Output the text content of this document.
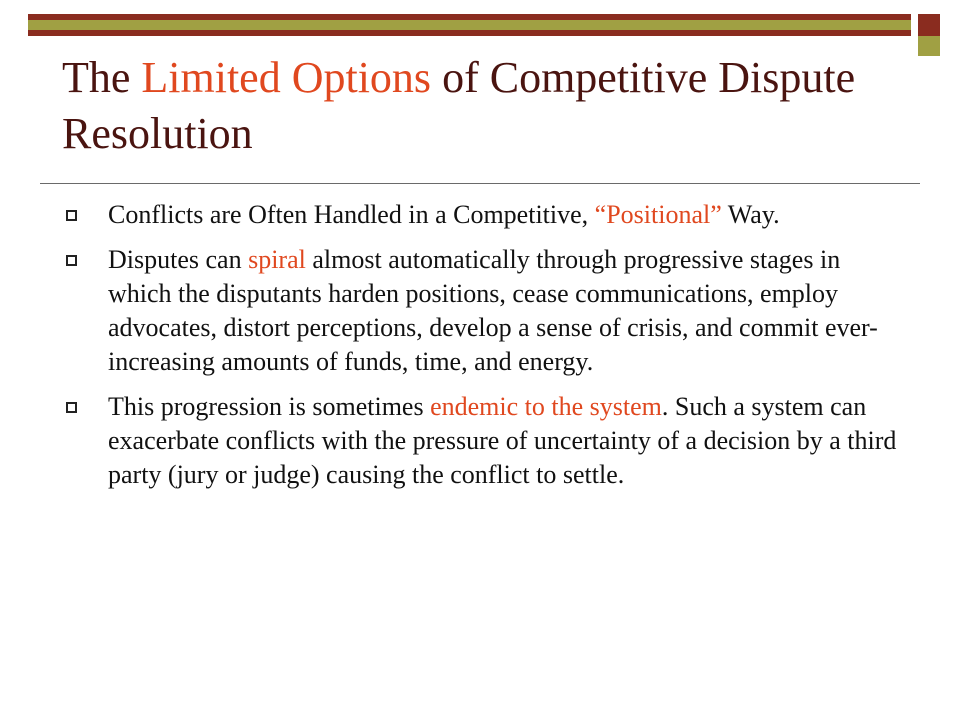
The Limited Options of Competitive Dispute Resolution
Conflicts are Often Handled in a Competitive, “Positional” Way.
Disputes can spiral almost automatically through progressive stages in which the disputants harden positions, cease communications, employ advocates, distort perceptions, develop a sense of crisis, and commit ever-increasing amounts of funds, time, and energy.
This progression is sometimes endemic to the system. Such a system can exacerbate conflicts with the pressure of uncertainty of a decision by a third party (jury or judge) causing the conflict to settle.
